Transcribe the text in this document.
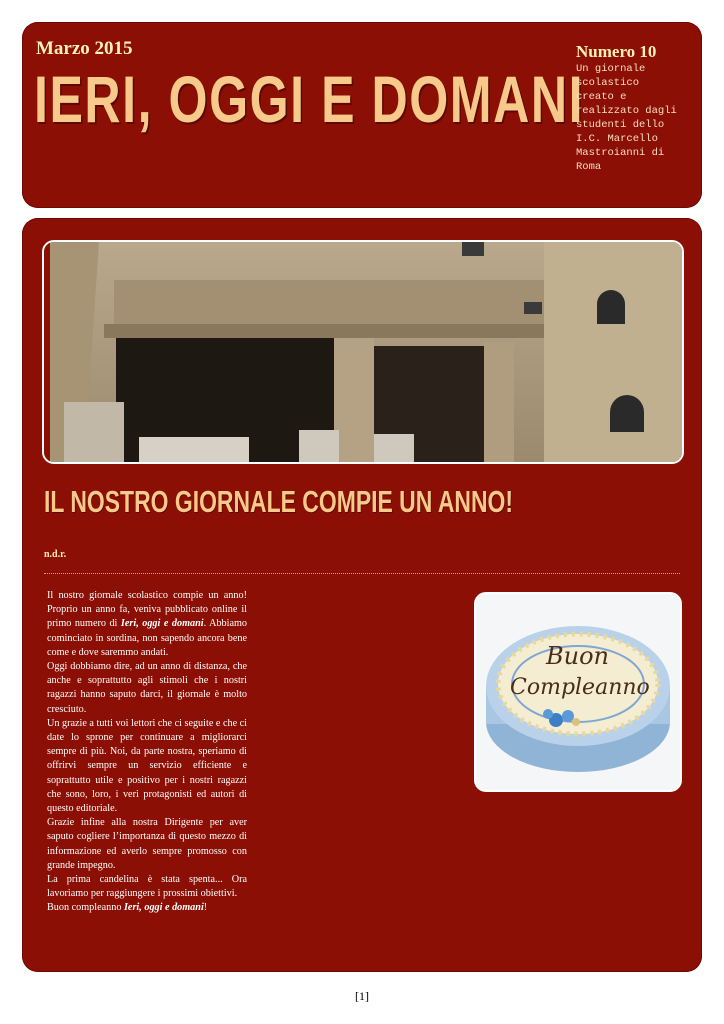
Marzo 2015
IERI, OGGI E DOMANI
Numero 10
Un giornale
scolastico
creato e
realizzato dagli
studenti dello
I.C. Marcello
Mastroianni di
Roma
IL NOSTRO GIORNALE COMPIE UN ANNO!
n.d.r.

Il nostro giornale scolastico compie un anno! Proprio un anno fa, veniva pubblicato online il primo numero di Ieri, oggi e domani. Abbiamo cominciato in sordina, non sapendo ancora bene come e dove saremmo andati.

Oggi dobbiamo dire, ad un anno di distanza, che anche e soprattutto agli stimoli che i nostri ragazzi hanno saputo darci, il giornale è molto cresciuto.

Un grazie a tutti voi lettori che ci seguite e che ci date lo sprone per continuare a migliorarci sempre di più. Noi, da parte nostra, speriamo di offrirvi sempre un servizio efficiente e soprattutto utile e positivo per i nostri ragazzi che sono, loro, i veri protagonisti ed autori di questo editoriale.

Grazie infine alla nostra Dirigente per aver saputo cogliere l’importanza di questo mezzo di informazione ed averlo sempre promosso con grande impegno.

La prima candelina è stata spenta... Ora lavoriamo per raggiungere i prossimi obiettivi.

Buon compleanno Ieri, oggi e domani!

Buon
Compleanno
[1]
